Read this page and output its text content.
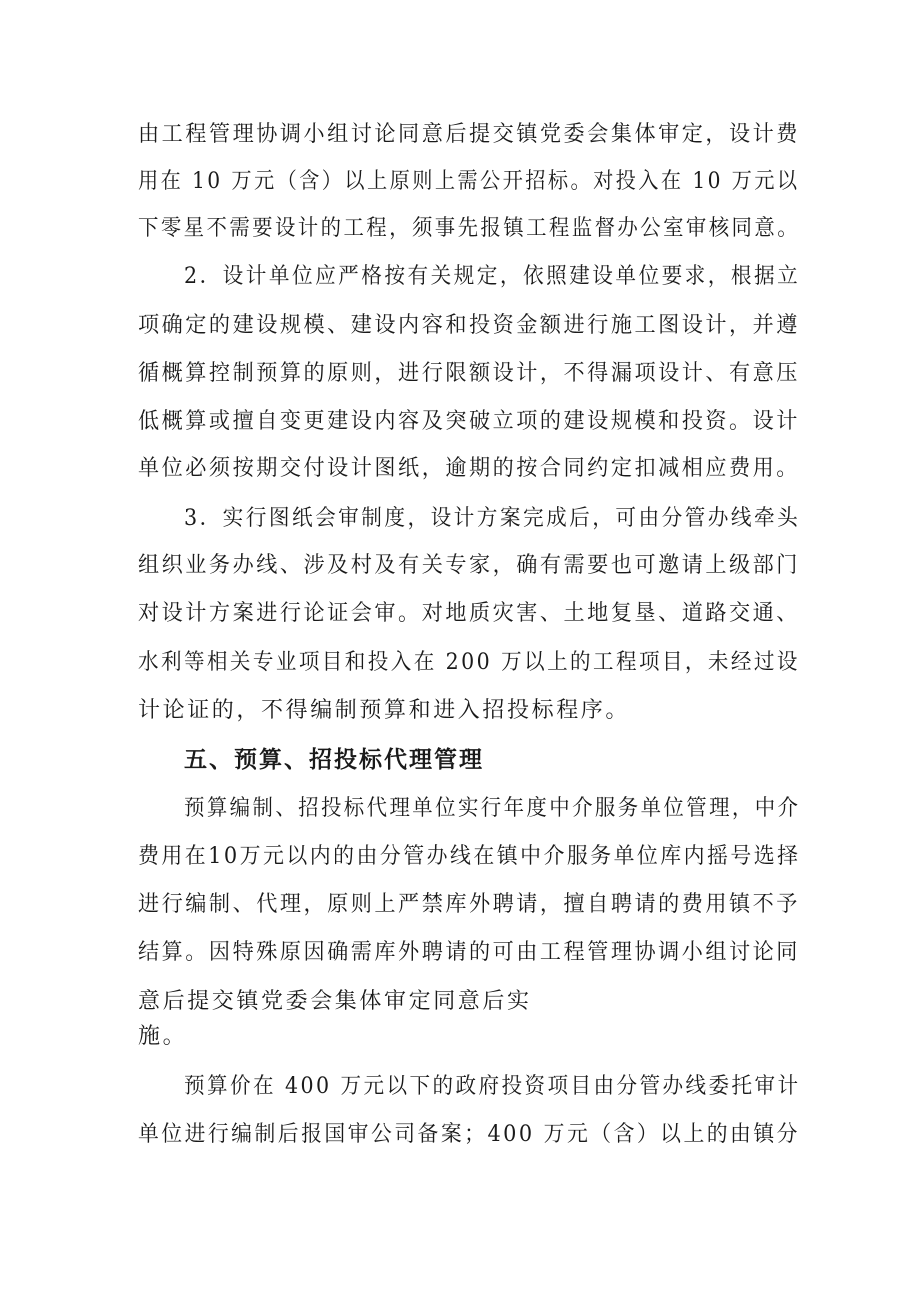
由工程管理协调小组讨论同意后提交镇党委会集体审定，设计费
用在 10 万元（含）以上原则上需公开招标。对投入在 10 万元以
下零星不需要设计的工程，须事先报镇工程监督办公室审核同意。
2．设计单位应严格按有关规定，依照建设单位要求，根据立
项确定的建设规模、建设内容和投资金额进行施工图设计，并遵
循概算控制预算的原则，进行限额设计，不得漏项设计、有意压
低概算或擅自变更建设内容及突破立项的建设规模和投资。设计
单位必须按期交付设计图纸，逾期的按合同约定扣减相应费用。
3．实行图纸会审制度，设计方案完成后，可由分管办线牵头
组织业务办线、涉及村及有关专家，确有需要也可邀请上级部门
对设计方案进行论证会审。对地质灾害、土地复垦、道路交通、
水利等相关专业项目和投入在 200 万以上的工程项目，未经过设
计论证的，不得编制预算和进入招投标程序。
五、预算、招投标代理管理
预算编制、招投标代理单位实行年度中介服务单位管理，中介
费用在10万元以内的由分管办线在镇中介服务单位库内摇号选择
进行编制、代理，原则上严禁库外聘请，擅自聘请的费用镇不予
结算。因特殊原因确需库外聘请的可由工程管理协调小组讨论同
意后提交镇党委会集体审定同意后实
施。
预算价在 400 万元以下的政府投资项目由分管办线委托审计
单位进行编制后报国审公司备案；400 万元（含）以上的由镇分
